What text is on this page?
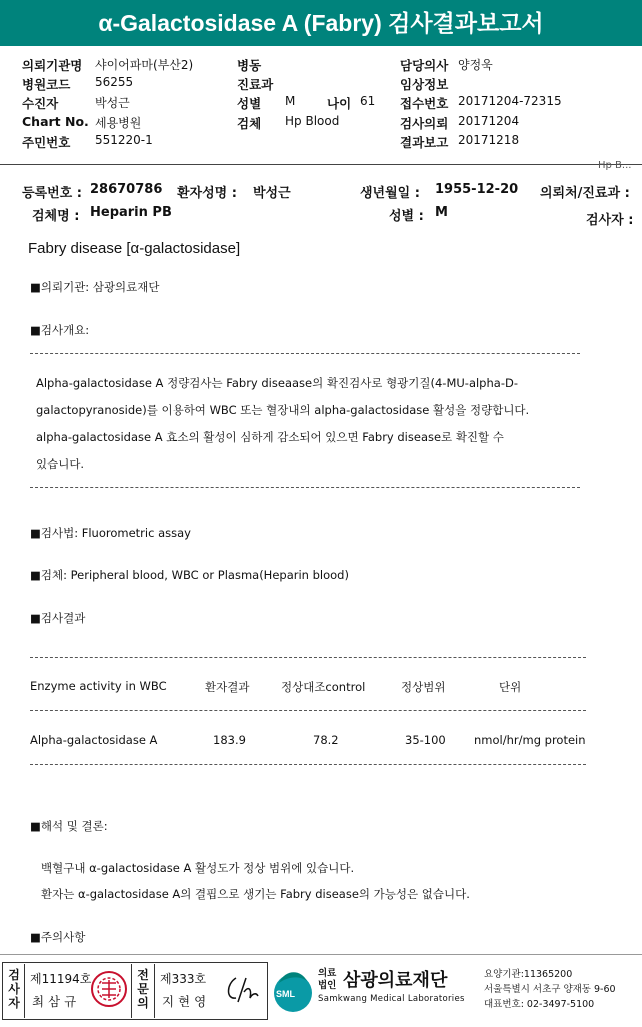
α-Galactosidase A (Fabry) 검사결과보고서
의뢰기관명 샤이어파마(부산2)
병원코드 56255
수진자	박성근
Chart No. 세용병원
주민번호 551220-1
병동
진료과
성별 M	나이 61
검체 Hp Blood
담당의사 양정욱
임상정보
접수번호 20171204-72315
검사의뢰 20171204
결과보고 20171218
Hp B...
등록번호 : 28670786 환자성명 : 박성근	생년월일 : 1955-12-20 의뢰처/진료과 :
검체명 : Heparin PB	성별 : M
검사자 :
Fabry disease [α-galactosidase]
■ 의뢰기관: 삼광의료재단
■ 검사개요:
Alpha-galactosidase A 정량검사는 Fabry diseaase의 확진검사로 형광기질(4-MU-alpha-D-
galactopyranoside)를 이용하여 WBC 또는 혈장내의 alpha-galactosidase 활성을 정량합니다.
alpha-galactosidase A 효소의 활성이 심하게 감소되어 있으면 Fabry disease로 확진할 수
있습니다.
■ 검사법: Fluorometric assay
■ 검체: Peripheral blood, WBC or Plasma(Heparin blood)
■ 검사결과
Enzyme activity in WBC	환자결과	정상대조control	정상범위	단위
Alpha-galactosidase A	183.9	78.2	35-100 nmol/hr/mg protein
■ 해석 및 결론:
백혈구내 α-galactosidase A 활성도가 정상 범위에 있습니다.
환자는 α-galactosidase A의 결핍으로 생기는 Fabry disease의 가능성은 없습니다.
■ 주의사항
검사자
제11194호
최 삼 규
전문의
제333호
지 현 영	SML
의료법인 삼광의료재단
Samkwang Medical Laboratories
요양기관:11365200
서울특별시 서초구 양재동 9-60
대표번호: 02-3497-5100
